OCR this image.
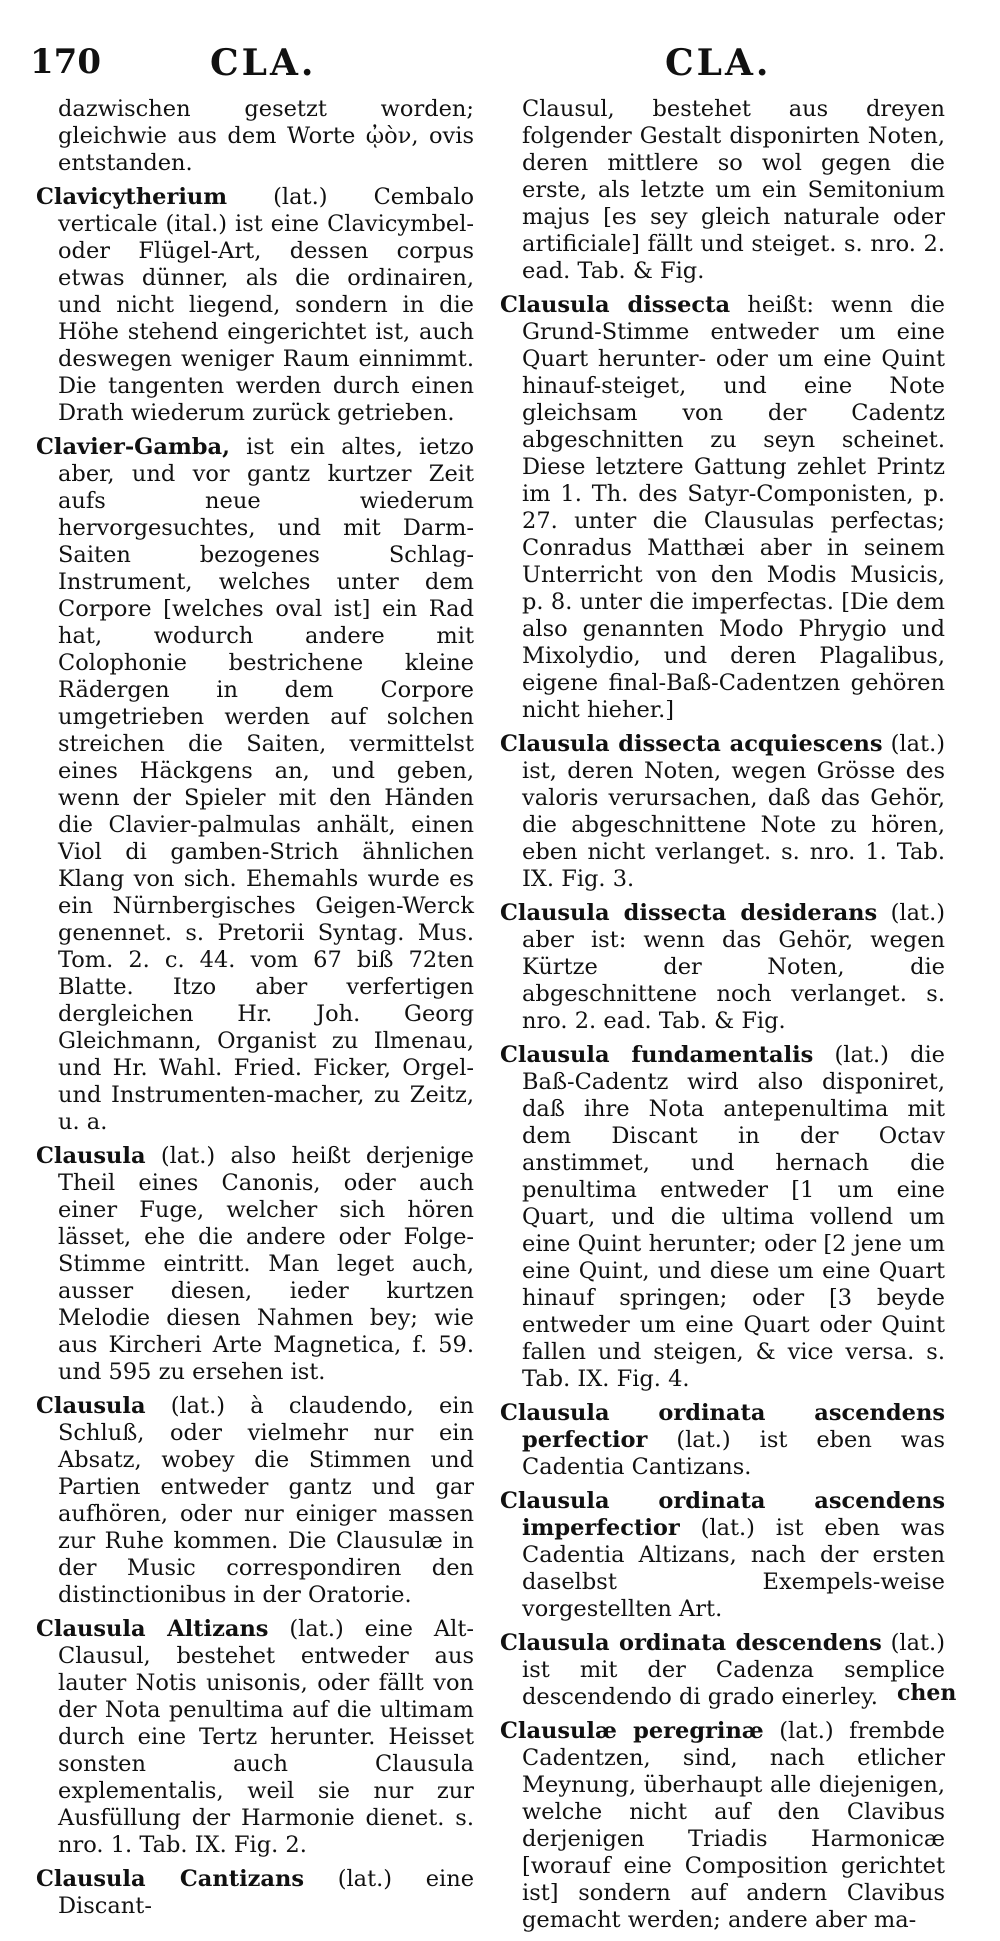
170	CLA.	CLA.

dazwischen gesetzt worden; gleichwie aus dem Worte ᾠὸν, ovis entstanden.

Clavicytherium (lat.) Cembalo verticale (ital.) ist eine Clavicymbel- oder Flügel-Art, dessen corpus etwas dünner, als die ordinairen, und nicht liegend, sondern in die Höhe stehend eingerichtet ist, auch deswegen weniger Raum einnimmt. Die tangenten werden durch einen Drath wiederum zurück getrieben.

Clavier-Gamba, ist ein altes, ietzo aber, und vor gantz kurtzer Zeit aufs neue wiederum hervorgesuchtes, und mit Darm-Saiten bezogenes Schlag-Instrument, welches unter dem Corpore [welches oval ist] ein Rad hat, wodurch andere mit Colophonie bestrichene kleine Rädergen in dem Corpore umgetrieben werden auf solchen streichen die Saiten, vermittelst eines Häckgens an, und geben, wenn der Spieler mit den Händen die Clavier-palmulas anhält, einen Viol di gamben-Strich ähnlichen Klang von sich. Ehemahls wurde es ein Nürnbergisches Geigen-Werck genennet. s. Pretorii Syntag. Mus. Tom. 2. c. 44. vom 67 biß 72ten Blatte. Itzo aber verfertigen dergleichen Hr. Joh. Georg Gleichmann, Organist zu Ilmenau, und Hr. Wahl. Fried. Ficker, Orgel- und Instrumenten-macher, zu Zeitz, u. a.

Clausula (lat.) also heißt derjenige Theil eines Canonis, oder auch einer Fuge, welcher sich hören lässet, ehe die andere oder Folge-Stimme eintritt. Man leget auch, ausser diesen, ieder kurtzen Melodie diesen Nahmen bey; wie aus Kircheri Arte Magnetica, f. 59. und 595 zu ersehen ist.

Clausula (lat.) à claudendo, ein Schluß, oder vielmehr nur ein Absatz, wobey die Stimmen und Partien entweder gantz und gar aufhören, oder nur einiger massen zur Ruhe kommen. Die Clausulæ in der Music correspondiren den distinctionibus in der Oratorie.

Clausula Altizans (lat.) eine Alt-Clausul, bestehet entweder aus lauter Notis unisonis, oder fällt von der Nota penultima auf die ultimam durch eine Tertz herunter. Heisset sonsten auch Clausula explementalis, weil sie nur zur Ausfüllung der Harmonie dienet. s. nro. 1. Tab. IX. Fig. 2.

Clausula Cantizans (lat.) eine Discant-

Clausul, bestehet aus dreyen folgender Gestalt disponirten Noten, deren mittlere so wol gegen die erste, als letzte um ein Semitonium majus [es sey gleich naturale oder artificiale] fällt und steiget. s. nro. 2. ead. Tab. & Fig.

Clausula dissecta heißt: wenn die Grund-Stimme entweder um eine Quart herunter- oder um eine Quint hinauf-steiget, und eine Note gleichsam von der Cadentz abgeschnitten zu seyn scheinet. Diese letztere Gattung zehlet Printz im 1. Th. des Satyr-Componisten, p. 27. unter die Clausulas perfectas; Conradus Matthæi aber in seinem Unterricht von den Modis Musicis, p. 8. unter die imperfectas. [Die dem also genannten Modo Phrygio und Mixolydio, und deren Plagalibus, eigene final-Baß-Cadentzen gehören nicht hieher.]

Clausula dissecta acquiescens (lat.) ist, deren Noten, wegen Grösse des valoris verursachen, daß das Gehör, die abgeschnittene Note zu hören, eben nicht verlanget. s. nro. 1. Tab. IX. Fig. 3.

Clausula dissecta desiderans (lat.) aber ist: wenn das Gehör, wegen Kürtze der Noten, die abgeschnittene noch verlanget. s. nro. 2. ead. Tab. & Fig.

Clausula fundamentalis (lat.) die Baß-Cadentz wird also disponiret, daß ihre Nota antepenultima mit dem Discant in der Octav anstimmet, und hernach die penultima entweder [1 um eine Quart, und die ultima vollend um eine Quint herunter; oder [2 jene um eine Quint, und diese um eine Quart hinauf springen; oder [3 beyde entweder um eine Quart oder Quint fallen und steigen, & vice versa. s. Tab. IX. Fig. 4.

Clausula ordinata ascendens perfectior (lat.) ist eben was Cadentia Cantizans.

Clausula ordinata ascendens imperfectior (lat.) ist eben was Cadentia Altizans, nach der ersten daselbst Exempels-weise vorgestellten Art.

Clausula ordinata descendens (lat.) ist mit der Cadenza semplice descendendo di grado einerley.

Clausulæ peregrinæ (lat.) frembde Cadentzen, sind, nach etlicher Meynung, überhaupt alle diejenigen, welche nicht auf den Clavibus derjenigen Triadis Harmonicæ [worauf eine Composition gerichtet ist] sondern auf andern Clavibus gemacht werden; andere aber ma-

chen
